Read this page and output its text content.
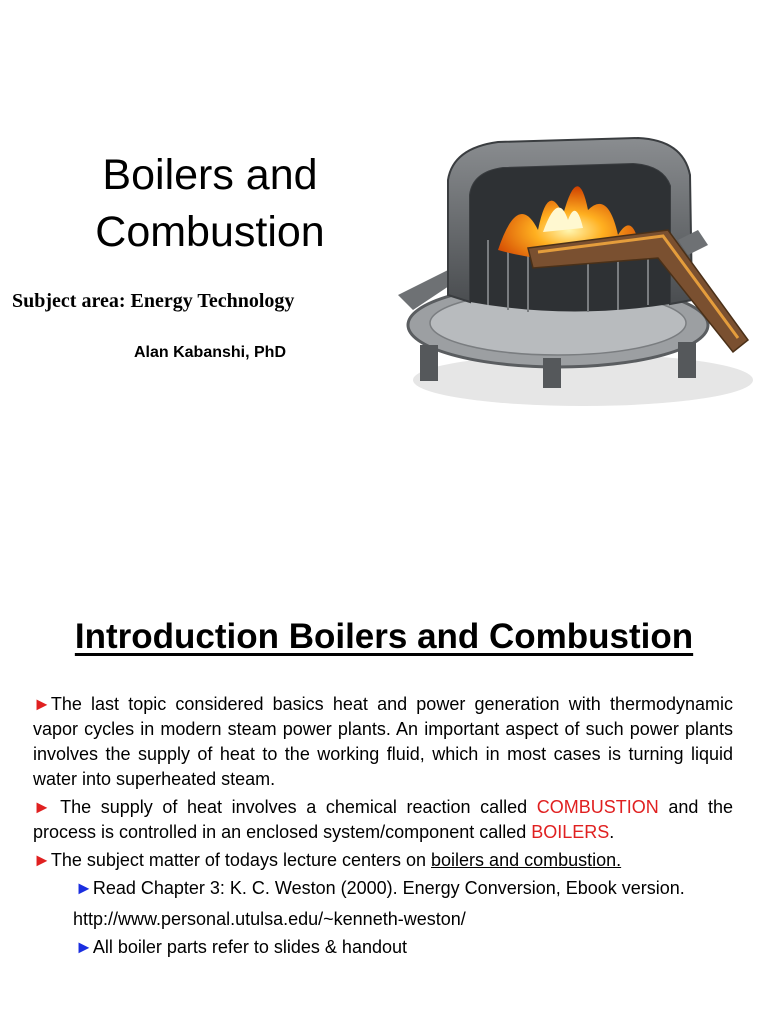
Boilers and
Combustion
Subject area: Energy Technology
Alan Kabanshi, PhD
Introduction Boilers and Combustion

►The last topic considered basics heat and power generation with thermodynamic vapor cycles in modern steam power plants. An important aspect of such power plants involves the supply of heat to the working fluid, which in most cases is turning liquid water into superheated steam.

► The supply of heat involves a chemical reaction called COMBUSTION and the process is controlled in an enclosed system/component called BOILERS.

►The subject matter of todays lecture centers on boilers and combustion.

►Read Chapter 3: K. C. Weston (2000). Energy Conversion, Ebook version.

http://www.personal.utulsa.edu/~kenneth-weston/

►All boiler parts refer to slides & handout
